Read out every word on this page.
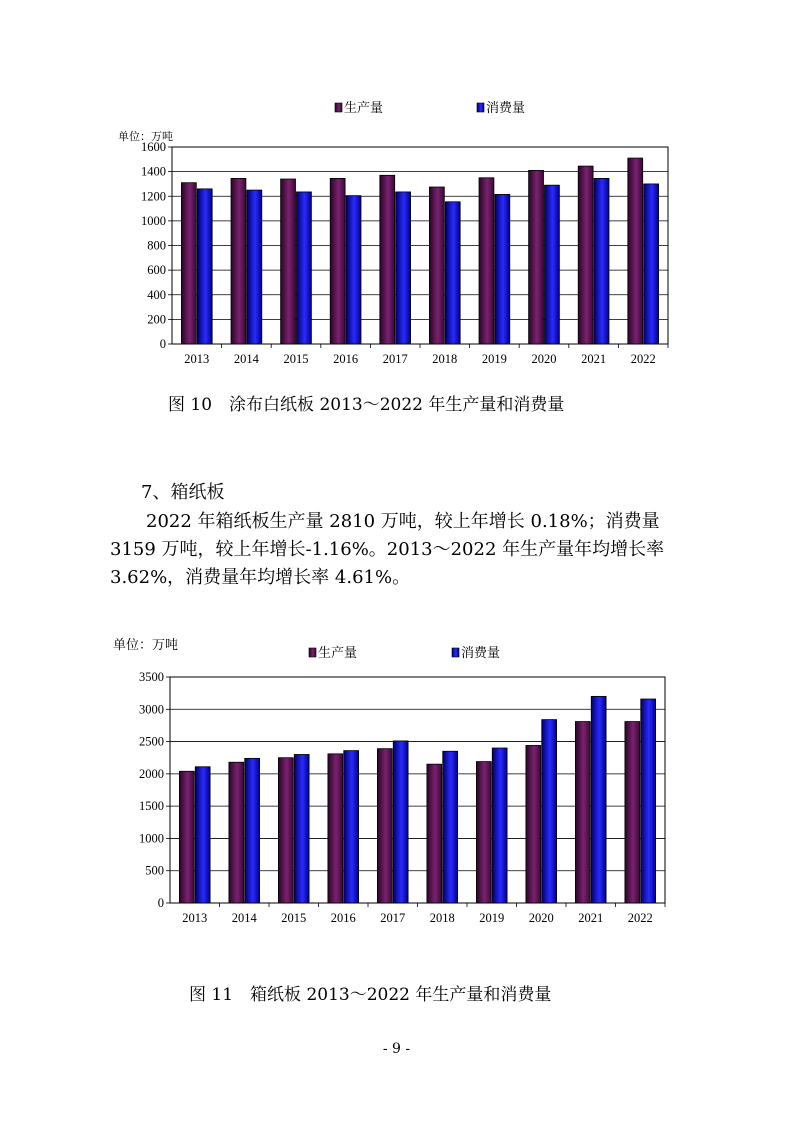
单位：万吨
生产量	消费量
0
200
400
600
800
1000
1200
1400
1600
2013 2014 2015 2016 2017 2018 2019 2020 2021 2022
单位：万吨
生产量	消费量
0
500
1000
1500
2000
2500
3000
3500
2013 2014 2015 2016 2017 2018 2019 2020 2021 2022
图 10　涂布白纸板 2013～2022 年生产量和消费量
7、箱纸板

2022 年箱纸板生产量 2810 万吨，较上年增长 0.18%；消费量 3159 万吨，较上年增长-1.16%。2013～2022 年生产量年均增长率 3.62%，消费量年均增长率 4.61%。

图 11　箱纸板 2013～2022 年生产量和消费量
- 9 -
